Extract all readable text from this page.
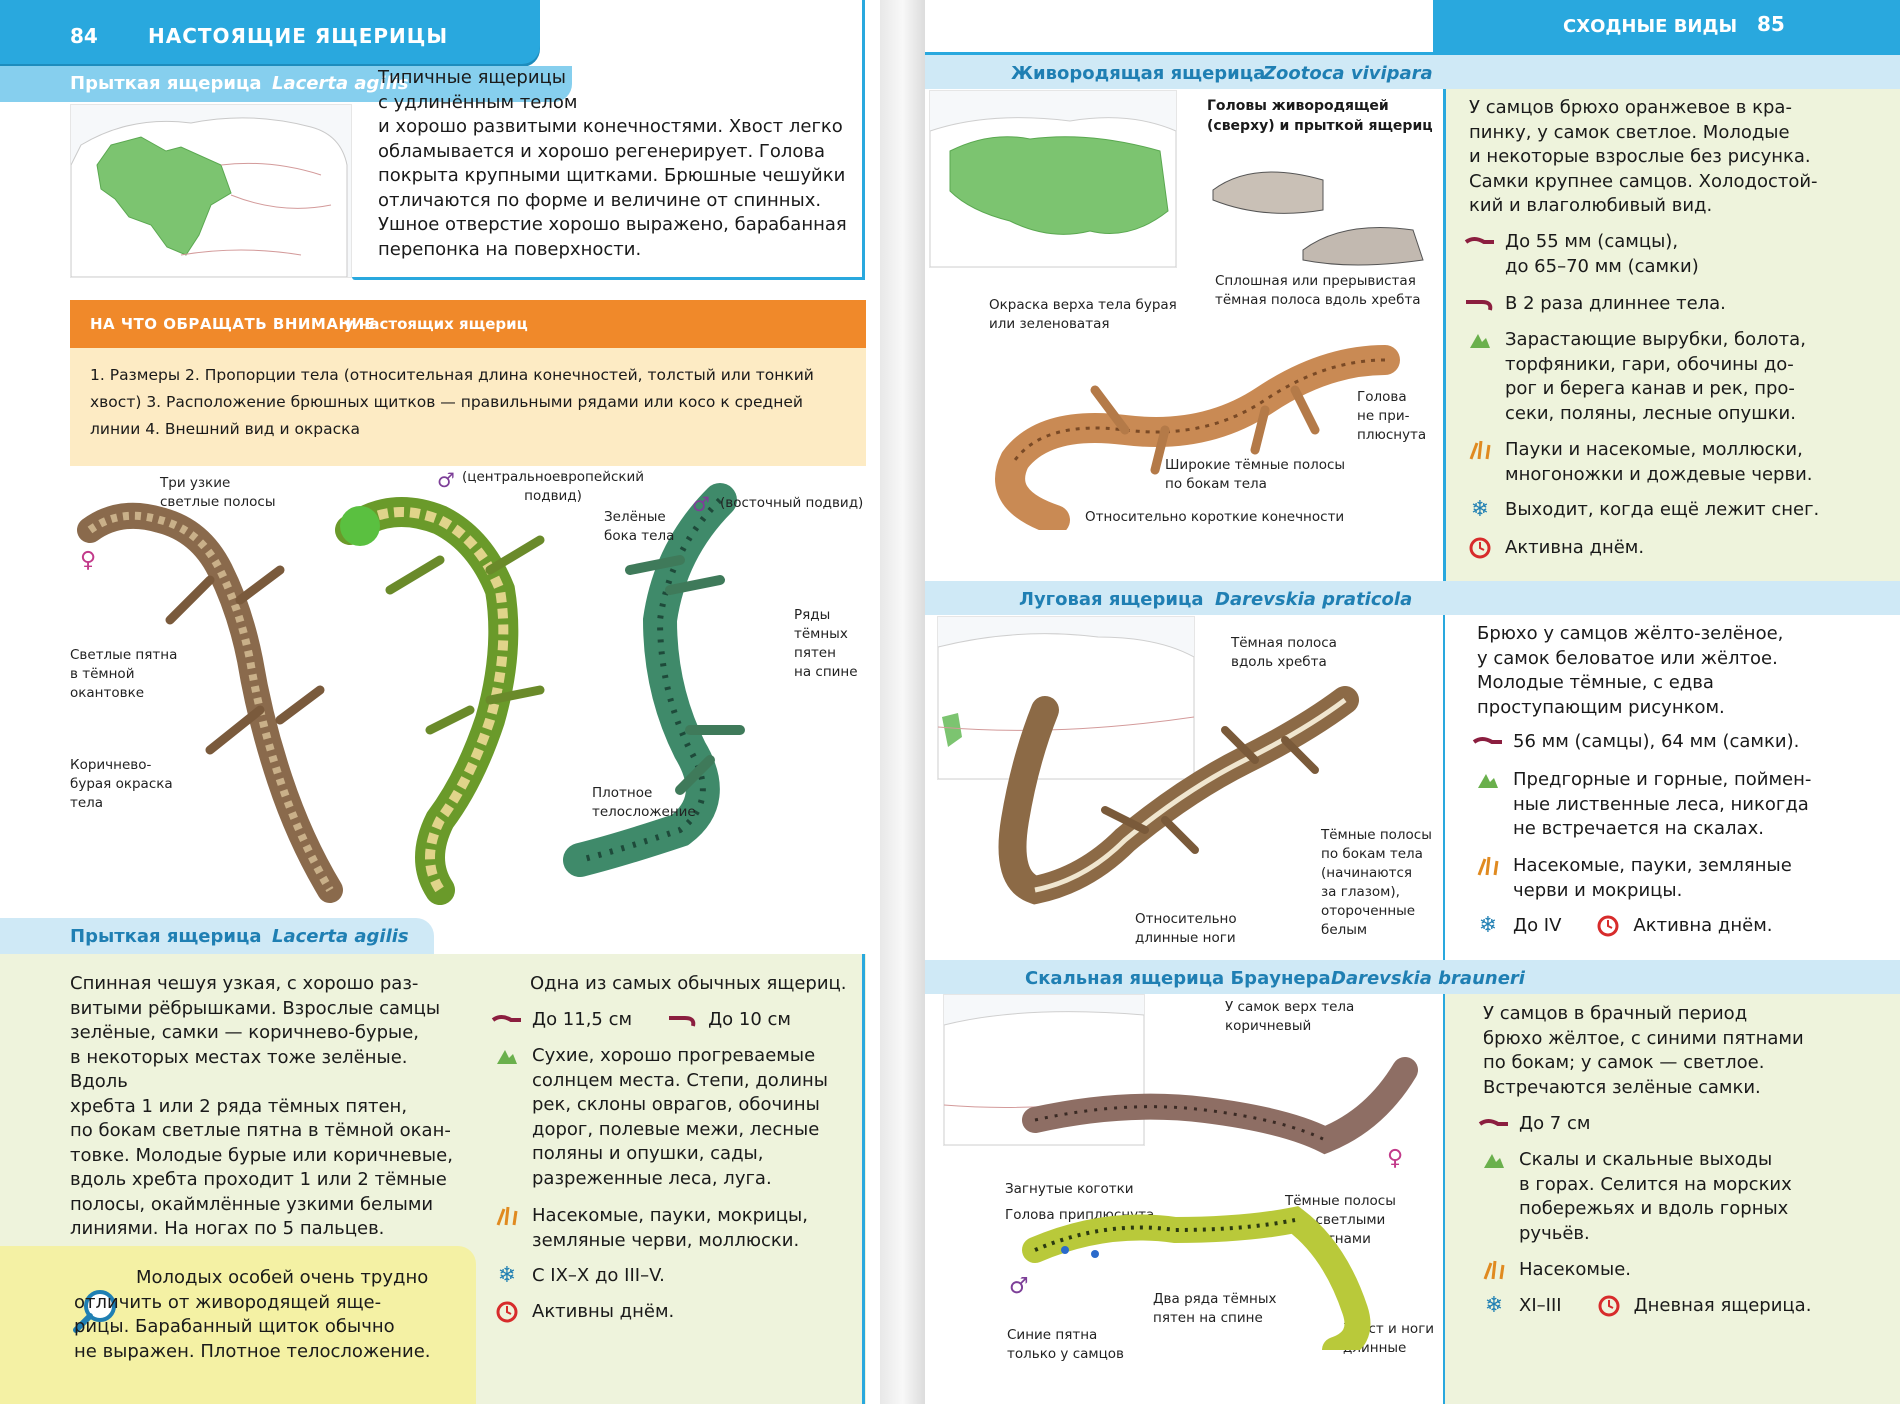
84	НАСТОЯЩИЕ ЯЩЕРИЦЫ
Прыткая ящерица Lacerta agilis
Типичные ящерицы
с удлинённым телом
и хорошо развитыми конечностями. Хвост легко
обламывается и хорошо регенерирует. Голова
покрыта крупными щитками. Брюшные чешуйки
отличаются по форме и величине от спинных.
Ушное отверстие хорошо выражено, барабанная
перепонка на поверхности.
НА ЧТО ОБРАЩАТЬ ВНИМАНИЕ
у настоящих ящериц
1. Размеры 2. Пропорции тела (относительная длина конечностей, толстый или тонкий
хвост) 3. Расположение брюшных щитков — правильными рядами или косо к средней
линии 4. Внешний вид и окраска
Три узкие
светлые полосы
♂ (центральноевропейский
подвид)
Зелёные
бока тела
♂ (восточный подвид)
♀
Светлые пятна
в тёмной
окантовке
Ряды
тёмных
пятен
на спине
Коричнево-
бурая окраска
тела
Плотное
телосложение
Прыткая ящерица Lacerta agilis
Спинная чешуя узкая, с хорошо раз-
витыми рёбрышками. Взрослые самцы
зелёные, самки — коричнево-бурые,
в некоторых местах тоже зелёные. Вдоль
хребта 1 или 2 ряда тёмных пятен,
по бокам светлые пятна в тёмной окан-
товке. Молодые бурые или коричневые,
вдоль хребта проходит 1 или 2 тёмные
полосы, окаймлённые узкими белыми
линиями. На ногах по 5 пальцев.
Одна из самых обычных ящериц.
До 11,5 см	До 10 см
Сухие, хорошо прогреваемые
солнцем места. Степи, долины
рек, склоны оврагов, обочины
дорог, полевые межи, лесные
поляны и опушки, сады,
разреженные леса, луга.
Насекомые, пауки, мокрицы,
земляные черви, моллюски.
❄ С IX–X до III–V.
Активны днём.
Молодых особей очень трудно
отличить от живородящей яще-
рицы. Барабанный щиток обычно
не выражен. Плотное телосложение.
СХОДНЫЕ ВИДЫ 85
Живородящая ящерица
Zootoca vivipara
Головы живородящей
(сверху) и прыткой ящериц
Окраска верха тела бурая
или зеленоватая
Сплошная или прерывистая
тёмная полоса вдоль хребта
Голова
не при-
плюснута
Широкие тёмные полосы
по бокам тела
Относительно короткие конечности
У самцов брюхо оранжевое в кра-
пинку, у самок светлое. Молодые
и некоторые взрослые без рисунка.
Самки крупнее самцов. Холодостой-
кий и влаголюбивый вид.
До 55 мм (самцы),
до 65–70 мм (самки)
В 2 раза длиннее тела.
Зарастающие вырубки, болота,
торфяники, гари, обочины до-
рог и берега канав и рек, про-
секи, поляны, лесные опушки.
Пауки и насекомые, моллюски,
многоножки и дождевые черви.
❄ Выходит, когда ещё лежит снег.
Активна днём.
Луговая ящерица Darevskia praticola
Тёмная полоса
вдоль хребта
Тёмные полосы
по бокам тела
(начинаются
за глазом),
отороченные
белым
Относительно
длинные ноги
Брюхо у самцов жёлто-зелёное,
у самок беловатое или жёлтое.
Молодые тёмные, с едва
проступающим рисунком.
56 мм (самцы), 64 мм (самки).
Предгорные и горные, поймен-
ные лиственные леса, никогда
не встречается на скалах.
Насекомые, пауки, земляные
черви и мокрицы.
❄ До IV	Активна днём.
Скальная ящерица Браунера Darevskia brauneri
У самок верх тела
коричневый
Загнутые коготки
Голова приплюснута
Тёмные полосы
со светлыми
пятнами
♀
♂	Два ряда тёмных
пятен на спине
Синие пятна
только у самцов
Хвост и ноги
длинные
У самцов в брачный период
брюхо жёлтое, с синими пятнами
по бокам; у самок — светлое.
Встречаются зелёные самки.
До 7 см
Скалы и скальные выходы
в горах. Селится на морских
побережьях и вдоль горных
ручьёв.
Насекомые.
❄ XI–III	Дневная ящерица.
